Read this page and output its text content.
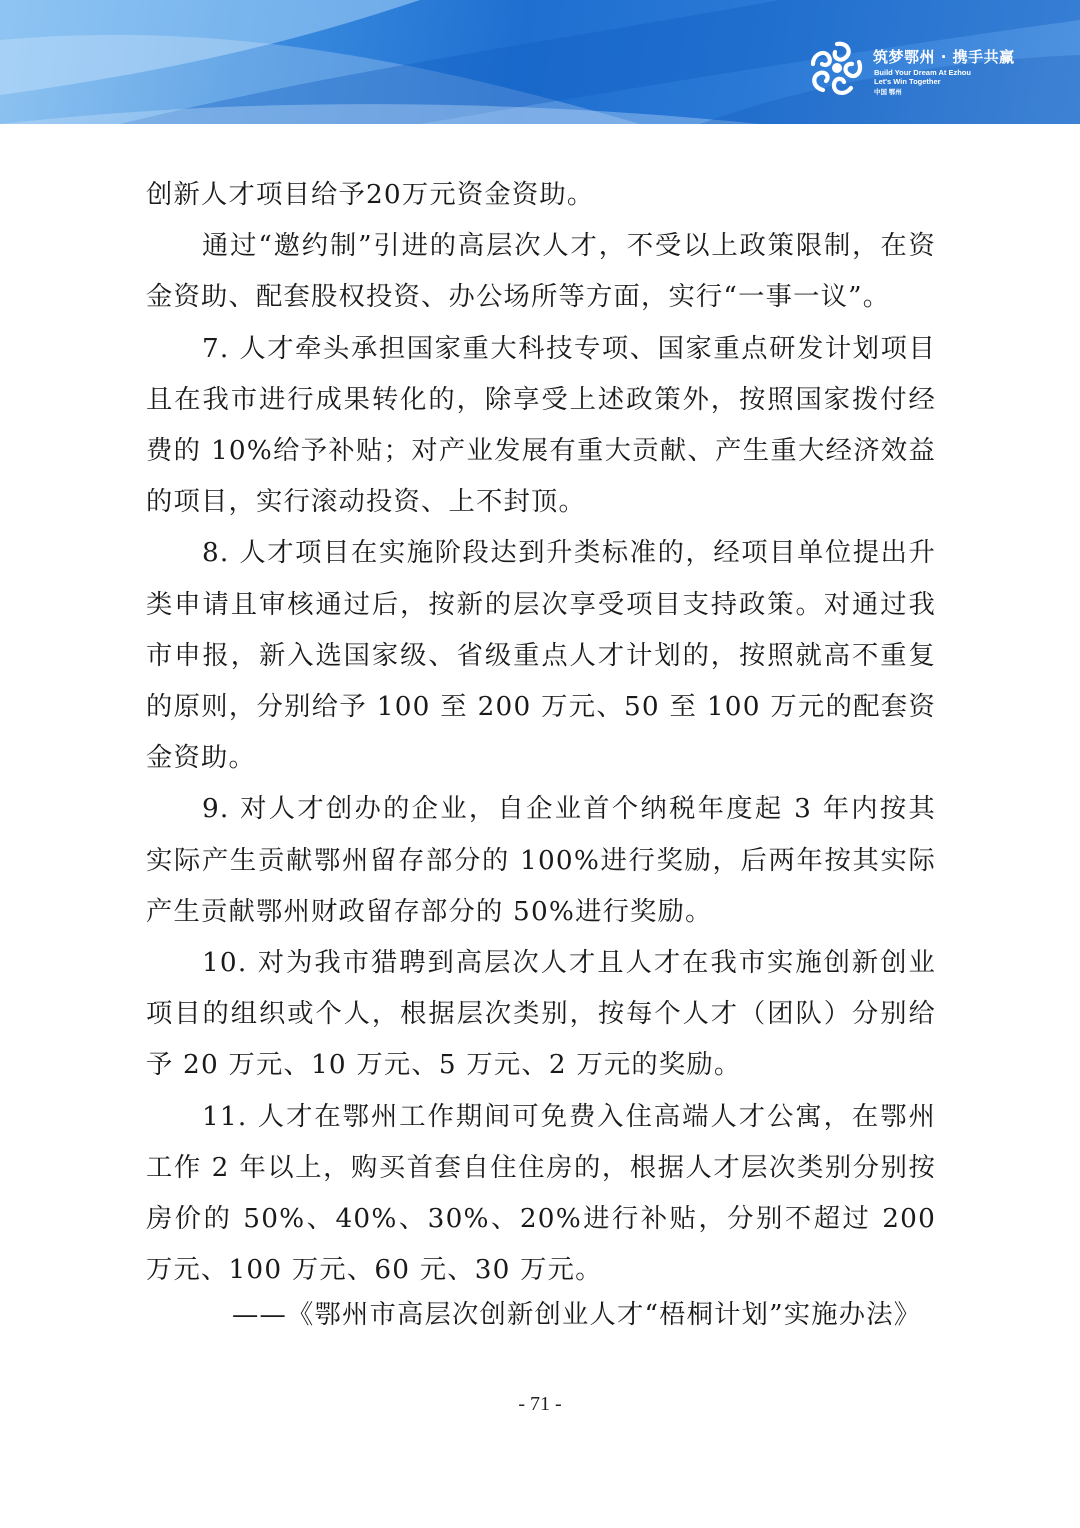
筑梦鄂州 · 携手共赢
Build Your Dream At Ezhou
Let's Win Together
中国 鄂州

创新人才项目给予20万元资金资助。

通过“邀约制”引进的高层次人才，不受以上政策限制，在资金资助、配套股权投资、办公场所等方面，实行“一事一议”。

7. 人才牵头承担国家重大科技专项、国家重点研发计划项目且在我市进行成果转化的，除享受上述政策外，按照国家拨付经费的 10%给予补贴；对产业发展有重大贡献、产生重大经济效益的项目，实行滚动投资、上不封顶。

8. 人才项目在实施阶段达到升类标准的，经项目单位提出升类申请且审核通过后，按新的层次享受项目支持政策。对通过我市申报，新入选国家级、省级重点人才计划的，按照就高不重复的原则，分别给予 100 至 200 万元、50 至 100 万元的配套资金资助。

9. 对人才创办的企业，自企业首个纳税年度起 3 年内按其实际产生贡献鄂州留存部分的 100%进行奖励，后两年按其实际产生贡献鄂州财政留存部分的 50%进行奖励。

10. 对为我市猎聘到高层次人才且人才在我市实施创新创业项目的组织或个人，根据层次类别，按每个人才（团队）分别给予 20 万元、10 万元、5 万元、2 万元的奖励。

11. 人才在鄂州工作期间可免费入住高端人才公寓，在鄂州工作 2 年以上，购买首套自住住房的，根据人才层次类别分别按房价的 50%、40%、30%、20%进行补贴，分别不超过 200 万元、100 万元、60 元、30 万元。

——《鄂州市高层次创新创业人才“梧桐计划”实施办法》
- 71 -
